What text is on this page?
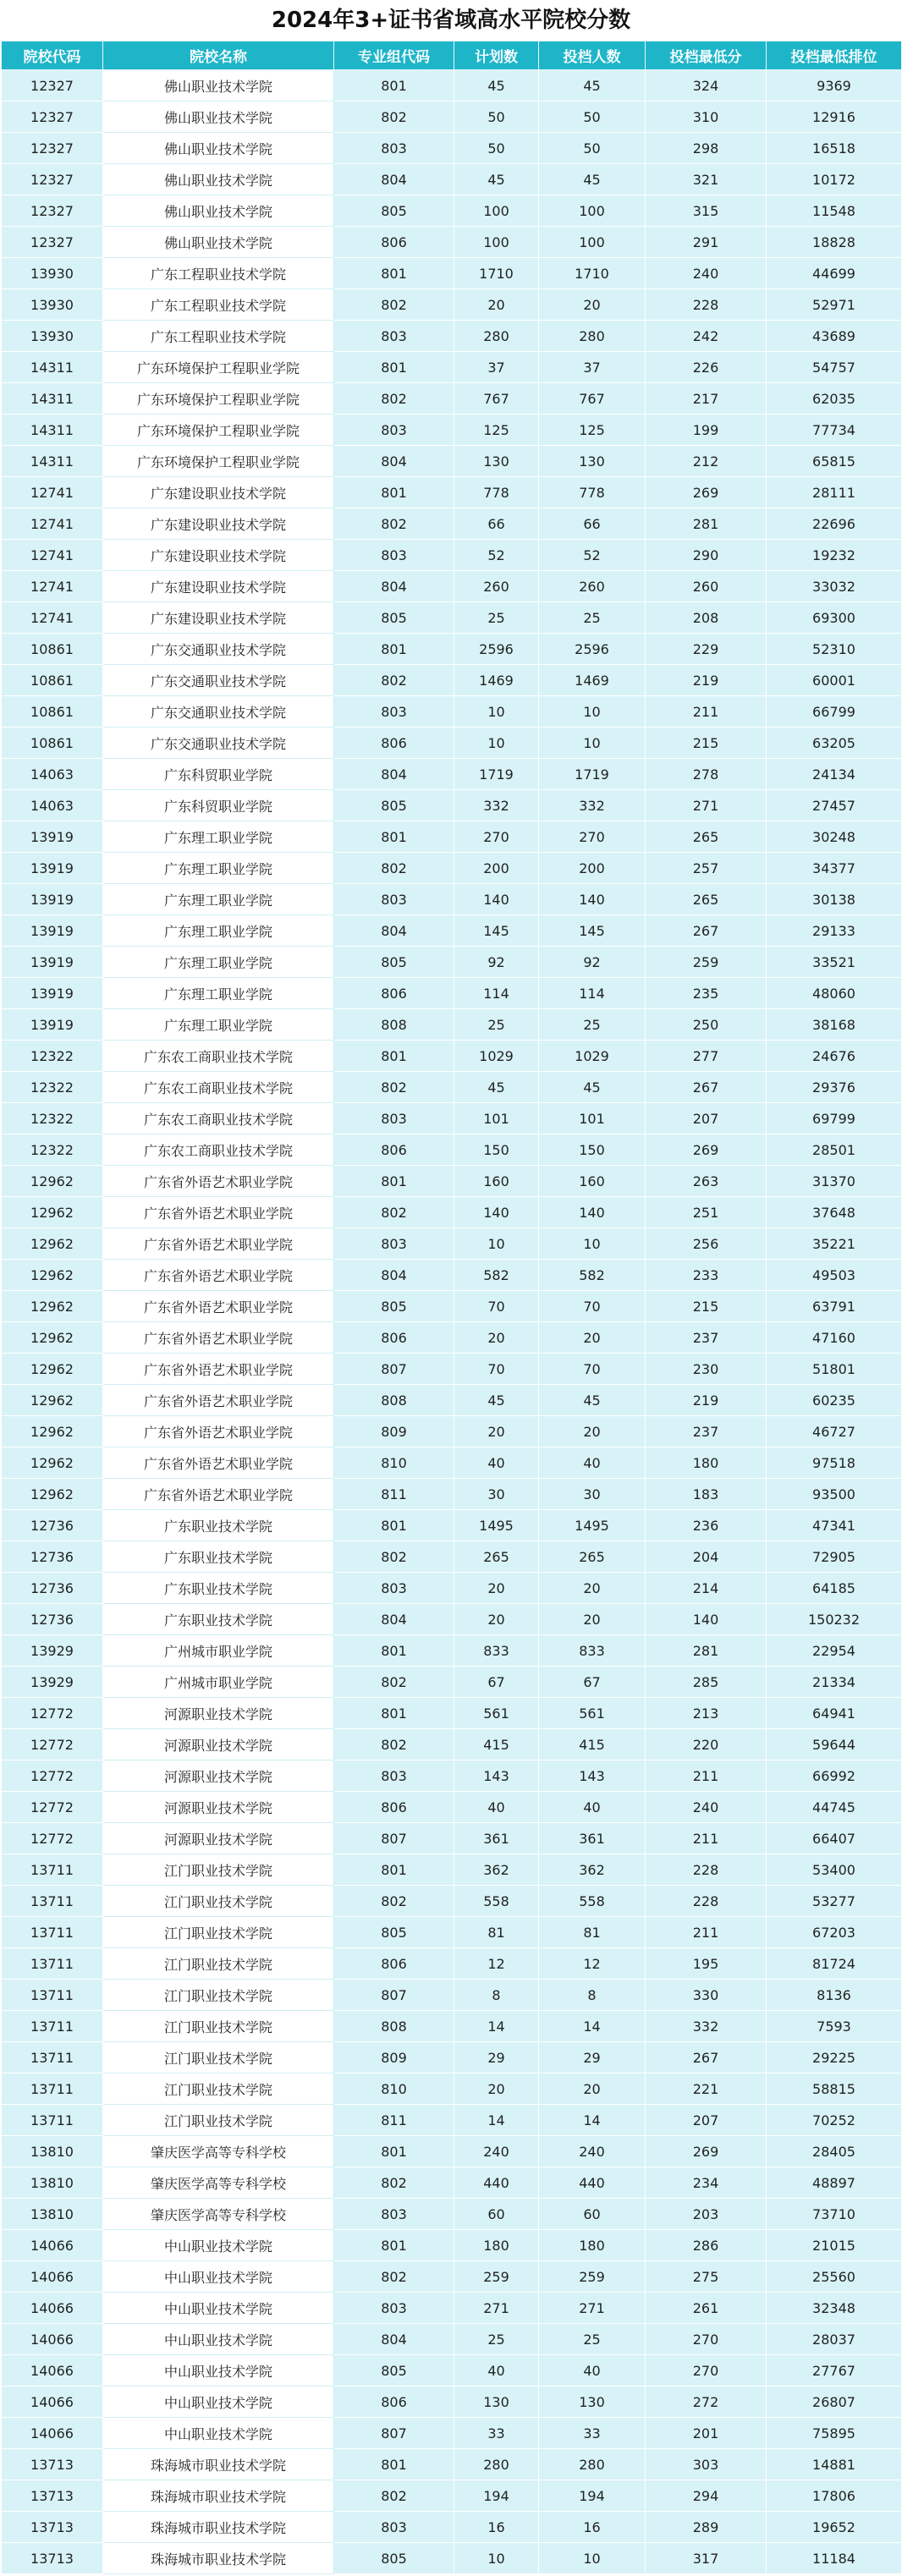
2024年3+证书省域高水平院校分数
院校代码	院校名称	专业组代码	计划数	投档人数	投档最低分	投档最低排位
12327	佛山职业技术学院	801	45	45	324	9369
12327	佛山职业技术学院	802	50	50	310	12916
12327	佛山职业技术学院	803	50	50	298	16518
12327	佛山职业技术学院	804	45	45	321	10172
12327	佛山职业技术学院	805	100	100	315	11548
12327	佛山职业技术学院	806	100	100	291	18828
13930	广东工程职业技术学院	801	1710	1710	240	44699
13930	广东工程职业技术学院	802	20	20	228	52971
13930	广东工程职业技术学院	803	280	280	242	43689
14311	广东环境保护工程职业学院	801	37	37	226	54757
14311	广东环境保护工程职业学院	802	767	767	217	62035
14311	广东环境保护工程职业学院	803	125	125	199	77734
14311	广东环境保护工程职业学院	804	130	130	212	65815
12741	广东建设职业技术学院	801	778	778	269	28111
12741	广东建设职业技术学院	802	66	66	281	22696
12741	广东建设职业技术学院	803	52	52	290	19232
12741	广东建设职业技术学院	804	260	260	260	33032
12741	广东建设职业技术学院	805	25	25	208	69300
10861	广东交通职业技术学院	801	2596	2596	229	52310
10861	广东交通职业技术学院	802	1469	1469	219	60001
10861	广东交通职业技术学院	803	10	10	211	66799
10861	广东交通职业技术学院	806	10	10	215	63205
14063	广东科贸职业学院	804	1719	1719	278	24134
14063	广东科贸职业学院	805	332	332	271	27457
13919	广东理工职业学院	801	270	270	265	30248
13919	广东理工职业学院	802	200	200	257	34377
13919	广东理工职业学院	803	140	140	265	30138
13919	广东理工职业学院	804	145	145	267	29133
13919	广东理工职业学院	805	92	92	259	33521
13919	广东理工职业学院	806	114	114	235	48060
13919	广东理工职业学院	808	25	25	250	38168
12322	广东农工商职业技术学院	801	1029	1029	277	24676
12322	广东农工商职业技术学院	802	45	45	267	29376
12322	广东农工商职业技术学院	803	101	101	207	69799
12322	广东农工商职业技术学院	806	150	150	269	28501
12962	广东省外语艺术职业学院	801	160	160	263	31370
12962	广东省外语艺术职业学院	802	140	140	251	37648
12962	广东省外语艺术职业学院	803	10	10	256	35221
12962	广东省外语艺术职业学院	804	582	582	233	49503
12962	广东省外语艺术职业学院	805	70	70	215	63791
12962	广东省外语艺术职业学院	806	20	20	237	47160
12962	广东省外语艺术职业学院	807	70	70	230	51801
12962	广东省外语艺术职业学院	808	45	45	219	60235
12962	广东省外语艺术职业学院	809	20	20	237	46727
12962	广东省外语艺术职业学院	810	40	40	180	97518
12962	广东省外语艺术职业学院	811	30	30	183	93500
12736	广东职业技术学院	801	1495	1495	236	47341
12736	广东职业技术学院	802	265	265	204	72905
12736	广东职业技术学院	803	20	20	214	64185
12736	广东职业技术学院	804	20	20	140	150232
13929	广州城市职业学院	801	833	833	281	22954
13929	广州城市职业学院	802	67	67	285	21334
12772	河源职业技术学院	801	561	561	213	64941
12772	河源职业技术学院	802	415	415	220	59644
12772	河源职业技术学院	803	143	143	211	66992
12772	河源职业技术学院	806	40	40	240	44745
12772	河源职业技术学院	807	361	361	211	66407
13711	江门职业技术学院	801	362	362	228	53400
13711	江门职业技术学院	802	558	558	228	53277
13711	江门职业技术学院	805	81	81	211	67203
13711	江门职业技术学院	806	12	12	195	81724
13711	江门职业技术学院	807	8	8	330	8136
13711	江门职业技术学院	808	14	14	332	7593
13711	江门职业技术学院	809	29	29	267	29225
13711	江门职业技术学院	810	20	20	221	58815
13711	江门职业技术学院	811	14	14	207	70252
13810	肇庆医学高等专科学校	801	240	240	269	28405
13810	肇庆医学高等专科学校	802	440	440	234	48897
13810	肇庆医学高等专科学校	803	60	60	203	73710
14066	中山职业技术学院	801	180	180	286	21015
14066	中山职业技术学院	802	259	259	275	25560
14066	中山职业技术学院	803	271	271	261	32348
14066	中山职业技术学院	804	25	25	270	28037
14066	中山职业技术学院	805	40	40	270	27767
14066	中山职业技术学院	806	130	130	272	26807
14066	中山职业技术学院	807	33	33	201	75895
13713	珠海城市职业技术学院	801	280	280	303	14881
13713	珠海城市职业技术学院	802	194	194	294	17806
13713	珠海城市职业技术学院	803	16	16	289	19652
13713	珠海城市职业技术学院	805	10	10	317	11184
